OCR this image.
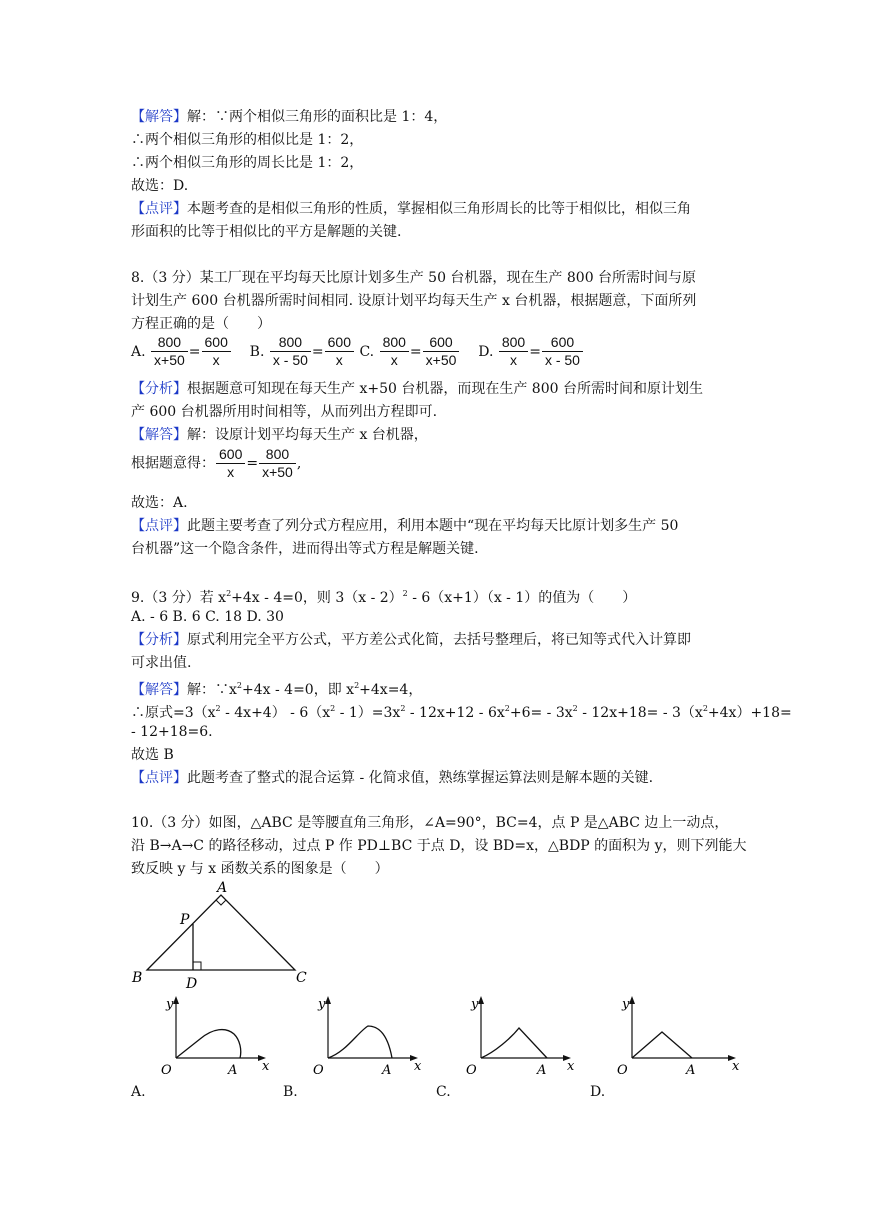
【解答】解：∵两个相似三角形的面积比是 1：4，
∴两个相似三角形的相似比是 1：2，
∴两个相似三角形的周长比是 1：2，
故选：D.
【点评】本题考查的是相似三角形的性质，掌握相似三角形周长的比等于相似比，相似三角
形面积的比等于相似比的平方是解题的关键.
8.（3 分）某工厂现在平均每天比原计划多生产 50 台机器，现在生产 800 台所需时间与原
计划生产 600 台机器所需时间相同. 设原计划平均每天生产 x 台机器，根据题意，下面所列
方程正确的是（　　）
A. $\frac{800}{x+50} = \frac{600}{x} B$. $\frac{800}{x - 50} = \frac{600}{x} C$. $\frac{800}{x} = \frac{600}{x+50} D$. $\frac{800}{x} = \frac{600}{x - 50}$
【分析】根据题意可知现在每天生产 x+50 台机器，而现在生产 800 台所需时间和原计划生
产 600 台机器所用时间相等，从而列出方程即可.
【解答】解：设原计划平均每天生产 x 台机器，
根据题意得： $\frac{600}{x} = \frac{800}{x+50}$ ,
故选：A.
【点评】此题主要考查了列分式方程应用，利用本题中“现在平均每天比原计划多生产 50
台机器”这一个隐含条件，进而得出等式方程是解题关键.
9.（3 分）若 $x^2+4x - 4=0$，则 3（x - 2）$^2$ - 6（x+1）（x - 1）的值为（　　）
A. - 6 B. 6 C. 18 D. 30
【分析】原式利用完全平方公式，平方差公式化简，去括号整理后，将已知等式代入计算即
可求出值.
【解答】解：$\because x^2+4x - 4=0$，即 $x^2+4x=4$，
∴原式$=3(x^2 - 4x+4) - 6(x^2 - 1)=3x^2 - 12x+12 - 6x^2+6= - 3x^2 - 12x+18= - 3(x^2+4x)+18=$
- 12+18=6.
故选 B
【点评】此题考查了整式的混合运算 - 化简求值，熟练掌握运算法则是解本题的关键.
10.（3 分）如图，△ABC 是等腰直角三角形，∠A=90°，BC=4，点 P 是△ABC 边上一动点，
沿 B→A→C 的路径移动，过点 P 作 PD⊥BC 于点 D，设 BD=x，△BDP 的面积为 y，则下列能大
致反映 y 与 x 函数关系的图象是（　　）
A
B	C
P
D
y
x
O	A
y
x
O	A
y
x
O	A
y
x
O	A
A.	B.	C.	D.
